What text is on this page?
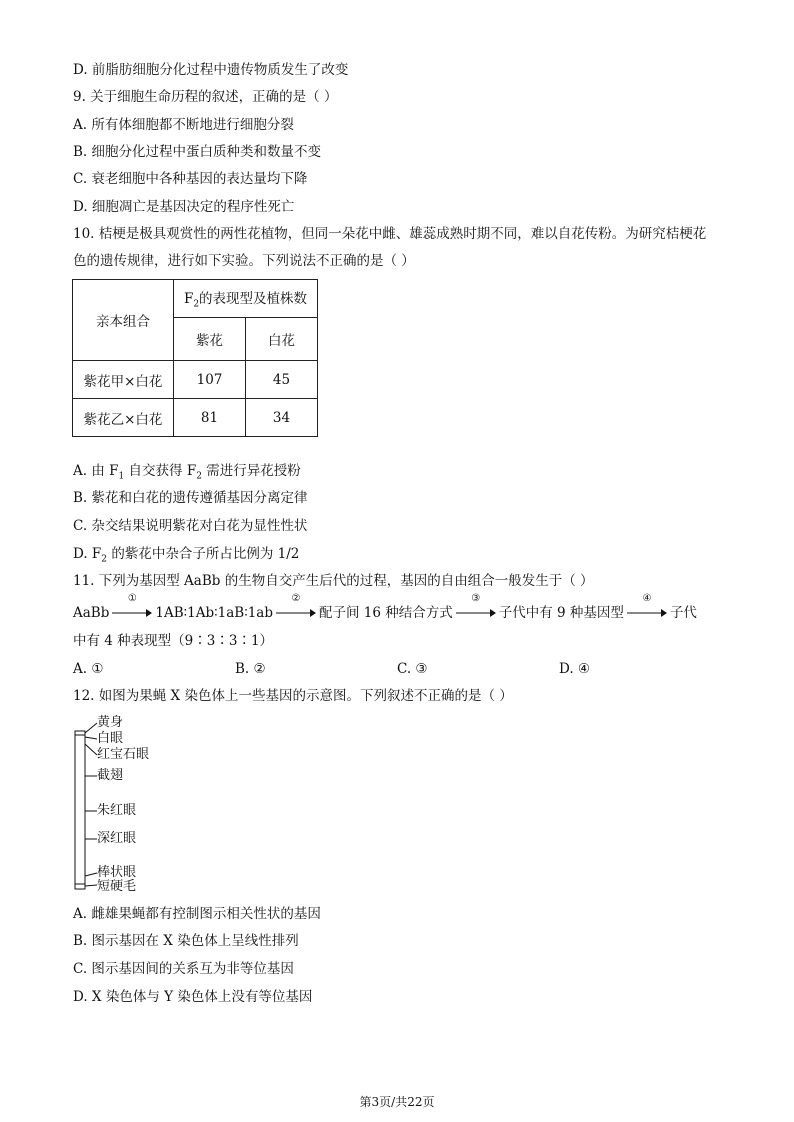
D. 前脂肪细胞分化过程中遗传物质发生了改变
9. 关于细胞生命历程的叙述，正确的是（ ）
A. 所有体细胞都不断地进行细胞分裂
B. 细胞分化过程中蛋白质种类和数量不变
C. 衰老细胞中各种基因的表达量均下降
D. 细胞凋亡是基因决定的程序性死亡
10. 桔梗是极具观赏性的两性花植物，但同一朵花中雌、雄蕊成熟时期不同，难以自花传粉。为研究桔梗花
色的遗传规律，进行如下实验。下列说法不正确的是（ ）
亲本组合	$F_2$的表现型及植株数	
	紫花	白花
紫花甲×白花	107	45
紫花乙×白花	81	34
A. 由 $F_1$ 自交获得 $F_2$ 需进行异花授粉
B. 紫花和白花的遗传遵循基因分离定律
C. 杂交结果说明紫花对白花为显性性状
D. $F_2$ 的紫花中杂合子所占比例为 1/2
11. 下列为基因型 AaBb 的生物自交产生后代的过程，基因的自由组合一般发生于（ ）
AaBb
①
1AB∶1Ab∶1aB∶1ab
②
配子间 16 种结合方式
③
子代中有 9 种基因型
④
子代
中有 4 种表现型（9∶3∶3∶1）
A. ①	B. ②	C. ③	D. ④
12. 如图为果蝇 X 染色体上一些基因的示意图。下列叙述不正确的是（ ）
黄身
白眼
红宝石眼
截翅
朱红眼
深红眼
棒状眼
短硬毛
A. 雌雄果蝇都有控制图示相关性状的基因
B. 图示基因在 X 染色体上呈线性排列
C. 图示基因间的关系互为非等位基因
D. X 染色体与 Y 染色体上没有等位基因
第3页/共22页
